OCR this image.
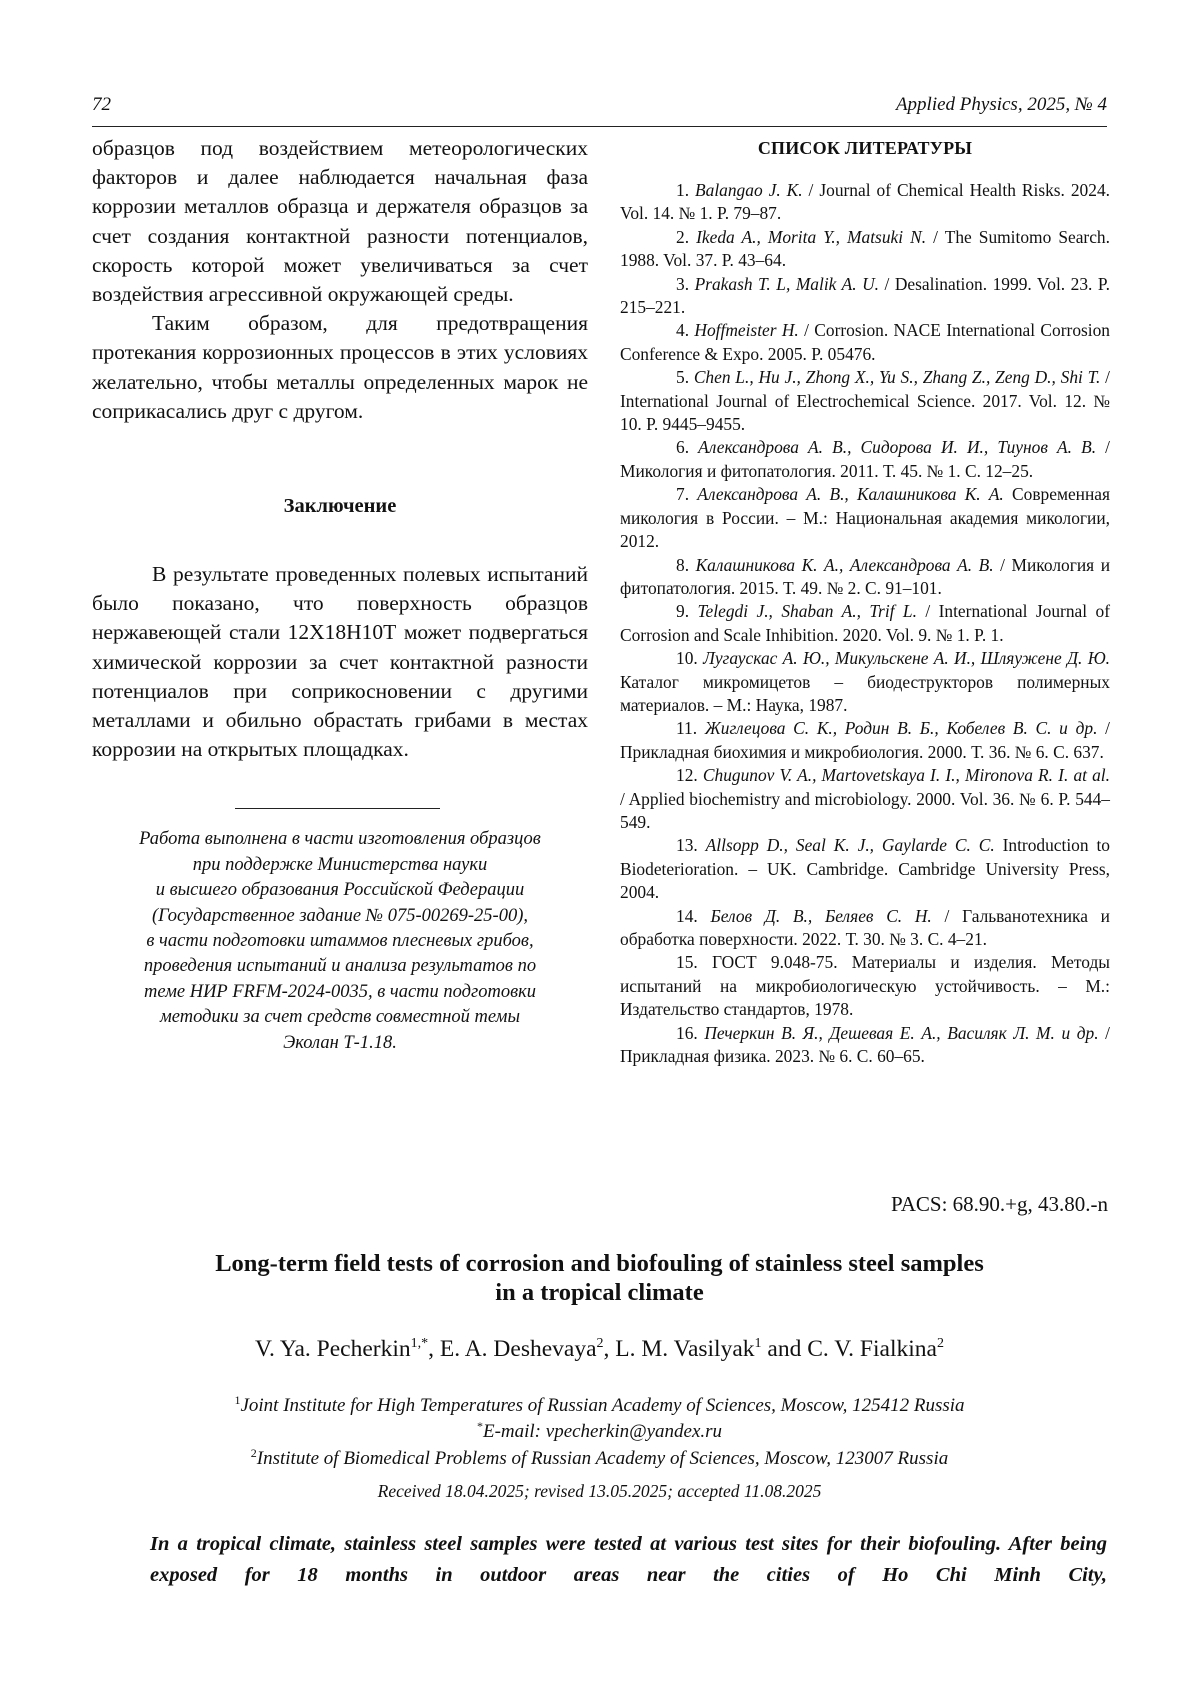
72	Applied Physics, 2025, № 4

образцов под воздействием метеорологических факторов и далее наблюдается начальная фаза коррозии металлов образца и держателя образцов за счет создания контактной разности потенциалов, скорость которой может увеличиваться за счет воздействия агрессивной окружающей среды.

Таким образом, для предотвращения протекания коррозионных процессов в этих условиях желательно, чтобы металлы определенных марок не соприкасались друг с другом.

Заключение

В результате проведенных полевых испытаний было показано, что поверхность образцов нержавеющей стали 12Х18Н10Т может подвергаться химической коррозии за счет контактной разности потенциалов при соприкосновении с другими металлами и обильно обрастать грибами в местах коррозии на открытых площадках.

Работа выполнена в части изготовления образцов
при поддержке Министерства науки
и высшего образования Российской Федерации
(Государственное задание № 075-00269-25-00),
в части подготовки штаммов плесневых грибов,
проведения испытаний и анализа результатов по
теме НИР FRFM-2024-0035, в части подготовки
методики за счет средств совместной темы
Эколан Т-1.18.
СПИСОК ЛИТЕРАТУРЫ

1. Balangao J. K. / Journal of Chemical Health Risks. 2024. Vol. 14. № 1. P. 79–87.

2. Ikeda A., Morita Y., Matsuki N. / The Sumitomo Search. 1988. Vol. 37. P. 43–64.

3. Prakash T. L, Malik A. U. / Desalination. 1999. Vol. 23. P. 215–221.

4. Hoffmeister H. / Corrosion. NACE International Corrosion Conference & Expo. 2005. P. 05476.

5. Chen L., Hu J., Zhong X., Yu S., Zhang Z., Zeng D., Shi T. / International Journal of Electrochemical Science. 2017. Vol. 12. № 10. P. 9445–9455.

6. Александрова А. В., Сидорова И. И., Тиунов А. В. / Микология и фитопатология. 2011. Т. 45. № 1. С. 12–25.

7. Александрова А. В., Калашникова К. А. Современная микология в России. – М.: Национальная академия микологии, 2012.

8. Калашникова К. А., Александрова А. В. / Микология и фитопатология. 2015. Т. 49. № 2. С. 91–101.

9. Telegdi J., Shaban A., Trif L. / International Journal of Corrosion and Scale Inhibition. 2020. Vol. 9. № 1. P. 1.

10. Лугаускас А. Ю., Микульскене А. И., Шляужене Д. Ю. Каталог микромицетов – биодеструкторов полимерных материалов. – М.: Наука, 1987.

11. Жиглецова С. К., Родин В. Б., Кобелев В. С. и др. / Прикладная биохимия и микробиология. 2000. Т. 36. № 6. С. 637.

12. Chugunov V. A., Martovetskaya I. I., Mironova R. I. at al. / Applied biochemistry and microbiology. 2000. Vol. 36. № 6. P. 544–549.

13. Allsopp D., Seal K. J., Gaylarde C. C. Introduction to Biodeterioration. – UK. Cambridge. Cambridge University Press, 2004.

14. Белов Д. В., Беляев С. Н. / Гальванотехника и обработка поверхности. 2022. Т. 30. № 3. С. 4–21.

15. ГОСТ 9.048-75. Материалы и изделия. Методы испытаний на микробиологическую устойчивость. – М.: Издательство стандартов, 1978.

16. Печеркин В. Я., Дешевая Е. А., Василяк Л. М. и др. / Прикладная физика. 2023. № 6. С. 60–65.

PACS: 68.90.+g, 43.80.-n
Long-term field tests of corrosion and biofouling of stainless steel samples
in a tropical climate
V. Ya. Pecherkin$^{1,*}$, E. A. Deshevaya$^2$, L. M. Vasilyak$^1$ and C. V. Fialkina$^2$
$^1$Joint Institute for High Temperatures of Russian Academy of Sciences, Moscow, 125412 Russia
*E-mail: vpecherkin@yandex.ru
$^2$Institute of Biomedical Problems of Russian Academy of Sciences, Moscow, 123007 Russia
Received 18.04.2025; revised 13.05.2025; accepted 11.08.2025
In a tropical climate, stainless steel samples were tested at various test sites for their biofouling. After being exposed for 18 months in outdoor areas near the cities of Ho Chi Minh City,
